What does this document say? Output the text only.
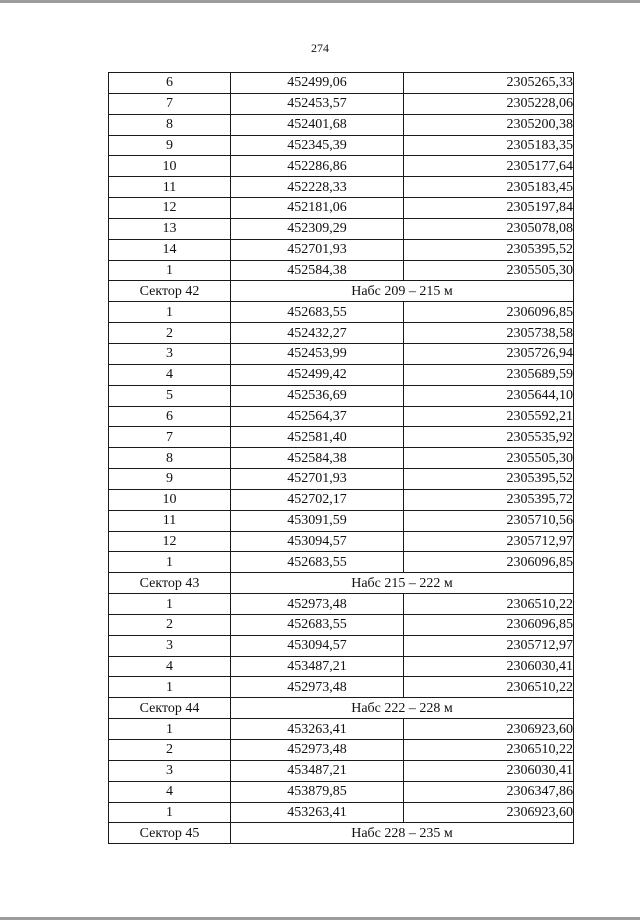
274
6	452499,06	2305265,33
7	452453,57	2305228,06
8	452401,68	2305200,38
9	452345,39	2305183,35
10	452286,86	2305177,64
11	452228,33	2305183,45
12	452181,06	2305197,84
13	452309,29	2305078,08
14	452701,93	2305395,52
1	452584,38	2305505,30
Сектор 42	Набс 209 – 215 м	
1	452683,55	2306096,85
2	452432,27	2305738,58
3	452453,99	2305726,94
4	452499,42	2305689,59
5	452536,69	2305644,10
6	452564,37	2305592,21
7	452581,40	2305535,92
8	452584,38	2305505,30
9	452701,93	2305395,52
10	452702,17	2305395,72
11	453091,59	2305710,56
12	453094,57	2305712,97
1	452683,55	2306096,85
Сектор 43	Набс 215 – 222 м	
1	452973,48	2306510,22
2	452683,55	2306096,85
3	453094,57	2305712,97
4	453487,21	2306030,41
1	452973,48	2306510,22
Сектор 44	Набс 222 – 228 м	
1	453263,41	2306923,60
2	452973,48	2306510,22
3	453487,21	2306030,41
4	453879,85	2306347,86
1	453263,41	2306923,60
Сектор 45	Набс 228 – 235 м	
